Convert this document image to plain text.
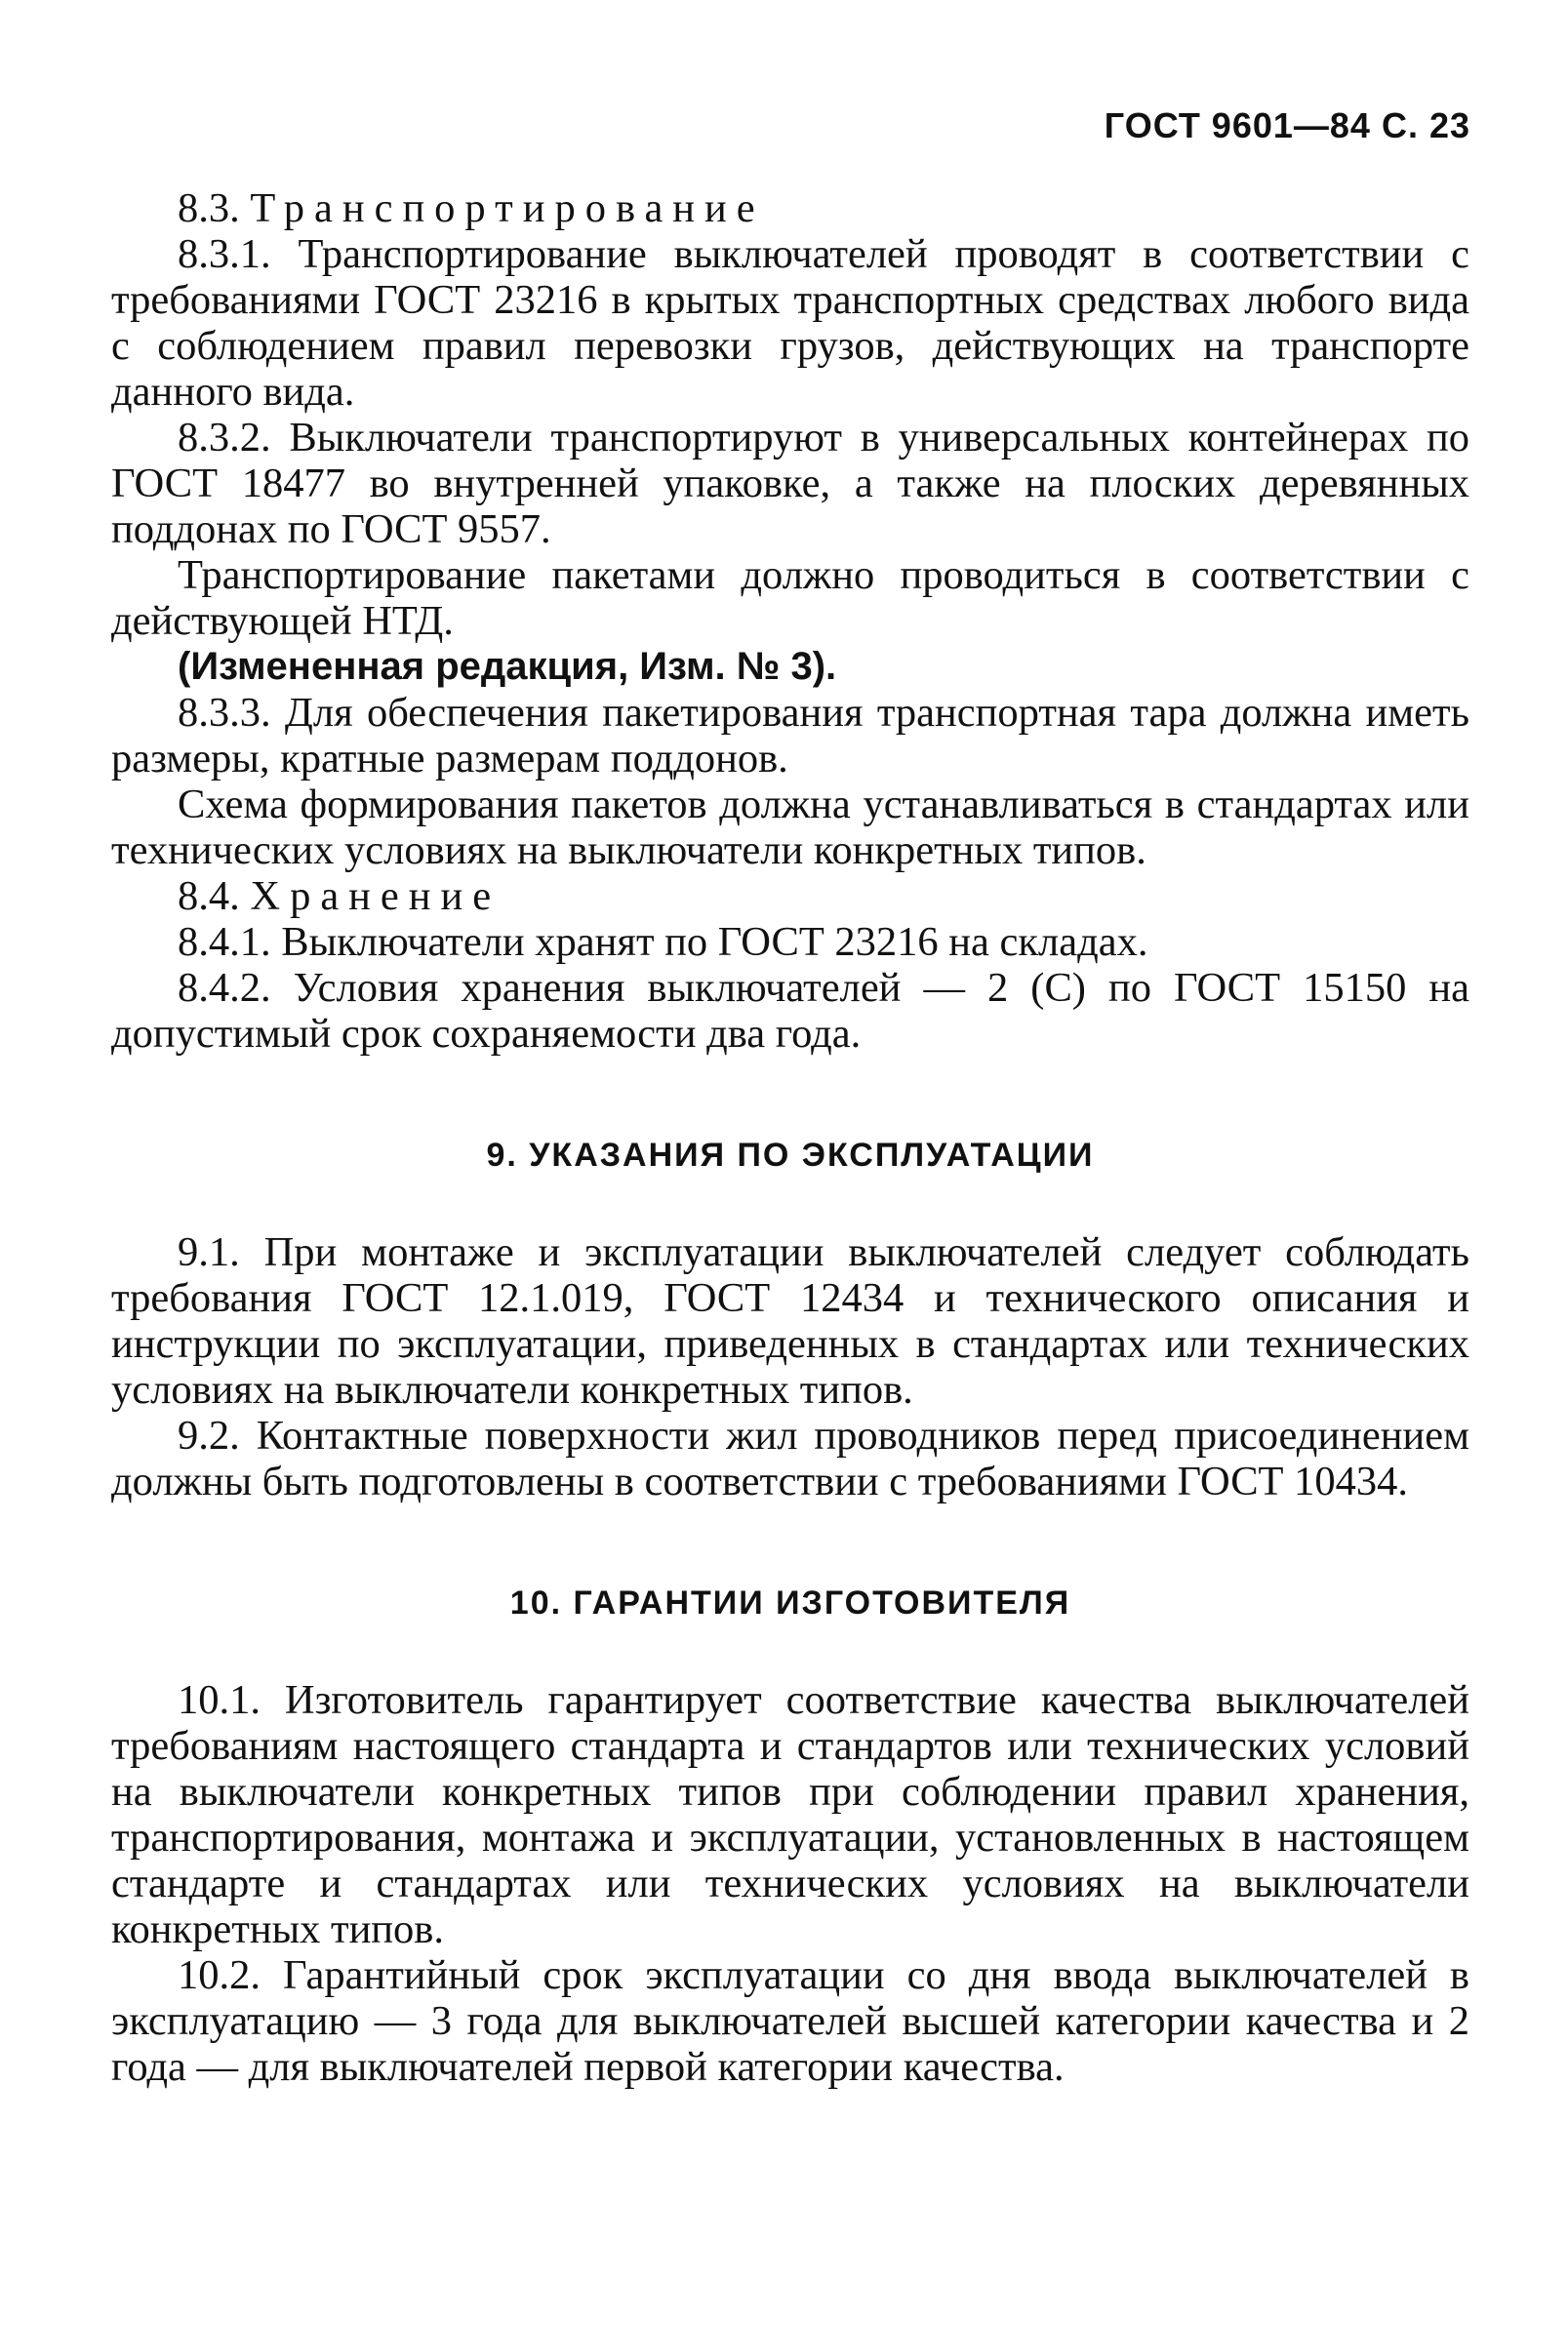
ГОСТ 9601—84 С. 23

8.3. Транспортирование

8.3.1. Транспортирование выключателей проводят в соответствии с требованиями ГОСТ 23216 в крытых транспортных средствах любого вида с соблюдением правил перевозки грузов, действующих на транспорте данного вида.

8.3.2. Выключатели транспортируют в универсальных контейнерах по ГОСТ 18477 во внутренней упаковке, а также на плоских деревянных поддонах по ГОСТ 9557.

Транспортирование пакетами должно проводиться в соответствии с действующей НТД.

(Измененная редакция, Изм. № 3).

8.3.3. Для обеспечения пакетирования транспортная тара должна иметь размеры, кратные размерам поддонов.

Схема формирования пакетов должна устанавливаться в стандартах или технических условиях на выключатели конкретных типов.

8.4. Хранение

8.4.1. Выключатели хранят по ГОСТ 23216 на складах.

8.4.2. Условия хранения выключателей — 2 (С) по ГОСТ 15150 на допустимый срок сохраняемости два года.

9. УКАЗАНИЯ ПО ЭКСПЛУАТАЦИИ

9.1. При монтаже и эксплуатации выключателей следует соблюдать требования ГОСТ 12.1.019, ГОСТ 12434 и технического описания и инструкции по эксплуатации, приведенных в стандартах или технических условиях на выключатели конкретных типов.

9.2. Контактные поверхности жил проводников перед присоединением должны быть подготовлены в соответствии с требованиями ГОСТ 10434.

10. ГАРАНТИИ ИЗГОТОВИТЕЛЯ

10.1. Изготовитель гарантирует соответствие качества выключателей требованиям настоящего стандарта и стандартов или технических условий на выключатели конкретных типов при соблюдении правил хранения, транспортирования, монтажа и эксплуатации, установленных в настоящем стандарте и стандартах или технических условиях на выключатели конкретных типов.

10.2. Гарантийный срок эксплуатации со дня ввода выключателей в эксплуатацию — 3 года для выключателей высшей категории качества и 2 года — для выключателей первой категории качества.
